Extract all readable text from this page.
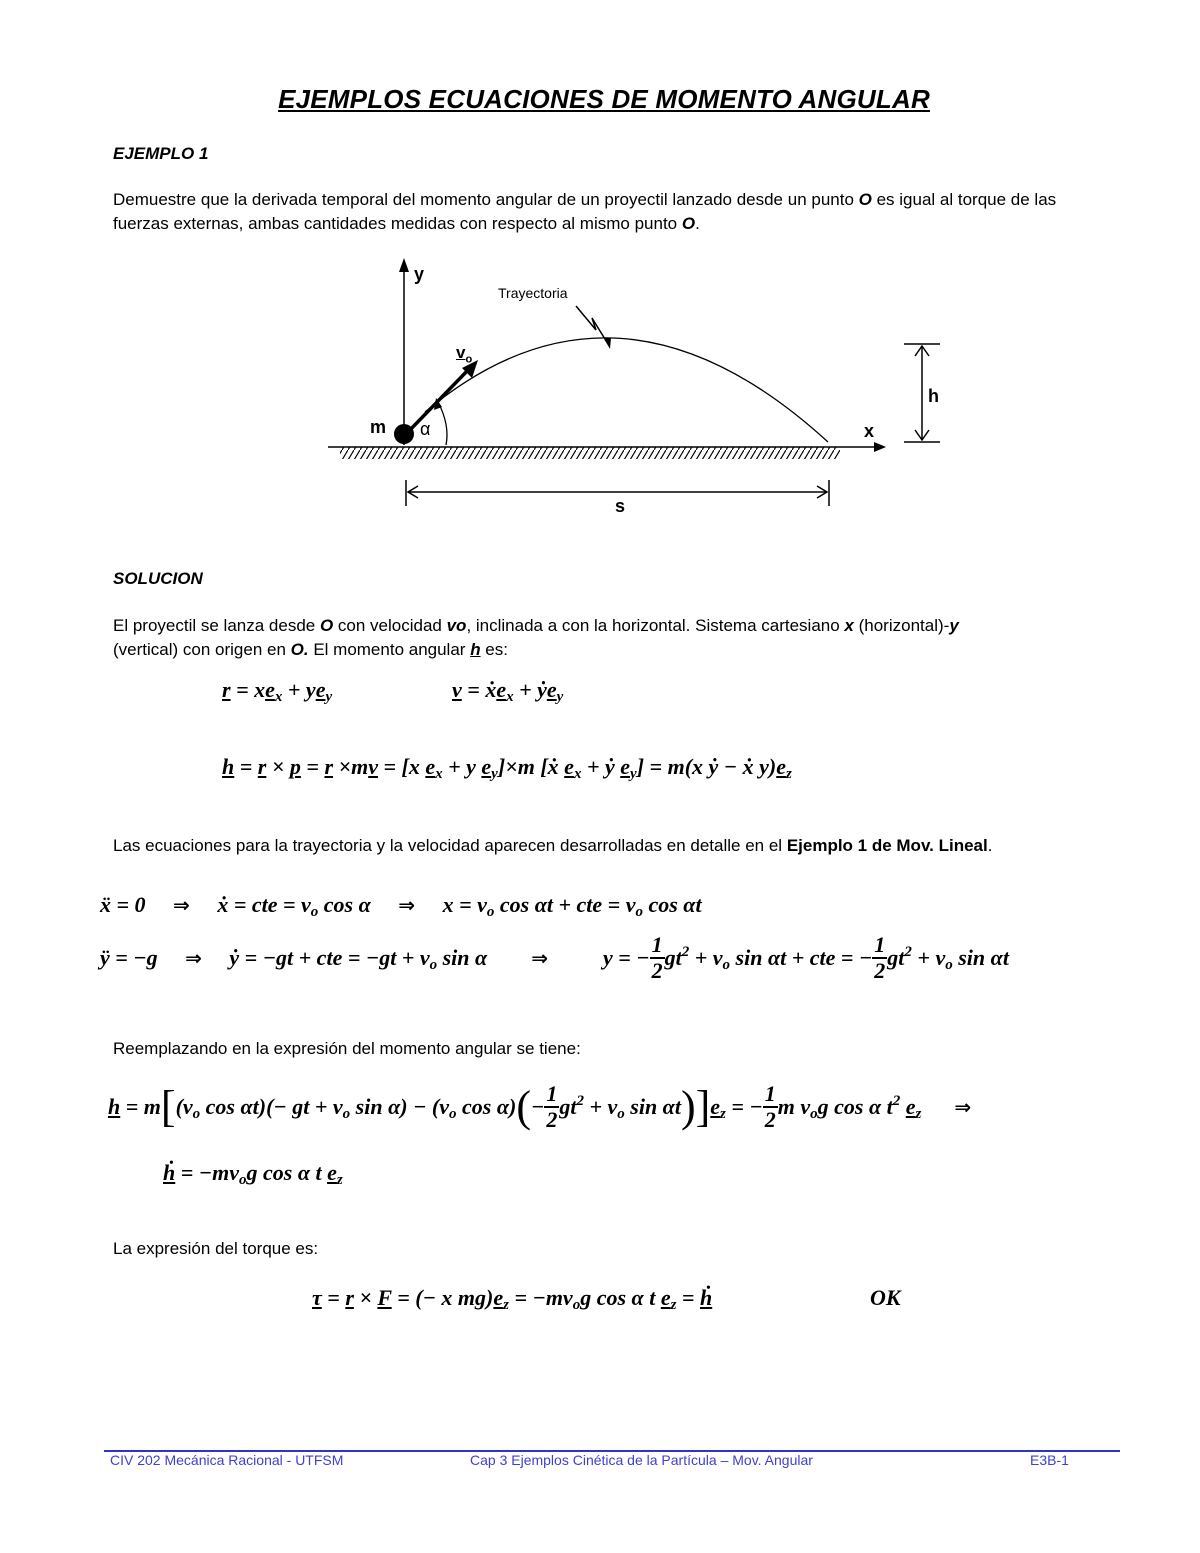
EJEMPLOS ECUACIONES DE MOMENTO ANGULAR
EJEMPLO 1
Demuestre que la derivada temporal del momento angular de un proyectil lanzado desde un punto O es igual al torque de las fuerzas externas, ambas cantidades medidas con respecto al mismo punto O.
y
x
Trayectoria
$v_o$
m α
h
s
SOLUCION
El proyectil se lanza desde O con velocidad vo, inclinada a con la horizontal. Sistema cartesiano x (horizontal)-y
(vertical) con origen en O. El momento angular h es:
$r = xe_x + ye_y$	v = ẋe$_x$ + ẏe$_y$
h = r × p = r ×mv = [x $e_x + y$ $e_y]\times m$ [ẋ $e_x$ + ẏ $e_y] = m(x$ ẏ − ẋ $y)e_z$
Las ecuaciones para la trayectoria y la velocidad aparecen desarrolladas en detalle en el Ejemplo 1 de Mov. Lineal.
ẍ = 0     ⇒     ẋ = cte = $v_o$ cos α     ⇒     $x = v_o$ cos αt + cte = $v_o$ cos αt
ÿ = −g     ⇒     ẏ = −gt + cte = $-gt + v_o$ sin α        ⇒          y = − $\frac{1}{2} gt^2 + v_o$ sin αt + cte = − $\frac{1}{2} gt^2 + v_o$ sin αt
Reemplazando en la expresión del momento angular se tiene:
$h = m[(v_o$ cos αt)(− gt + $v_o$ $\sin \alpha) - (v_o$ $\cos \alpha)(- \frac{1}{2} gt^2 + v_o$ $\sin \alpha t)]e_z$ = − $\frac{1}{2}$ m $v_og$ cos α $t^2$ $e_z$ ⇒
ḣ = $-mv_og$ cos α t $e_z$
La expresión del torque es:
τ = r × F = (− x $mg)e_z = -mv_og$ cos α t $e_z$ = ḣ	OK
CIV 202 Mecánica Racional - UTFSM	Cap 3 Ejemplos Cinética de la Partícula – Mov. Angular	E3B-1
